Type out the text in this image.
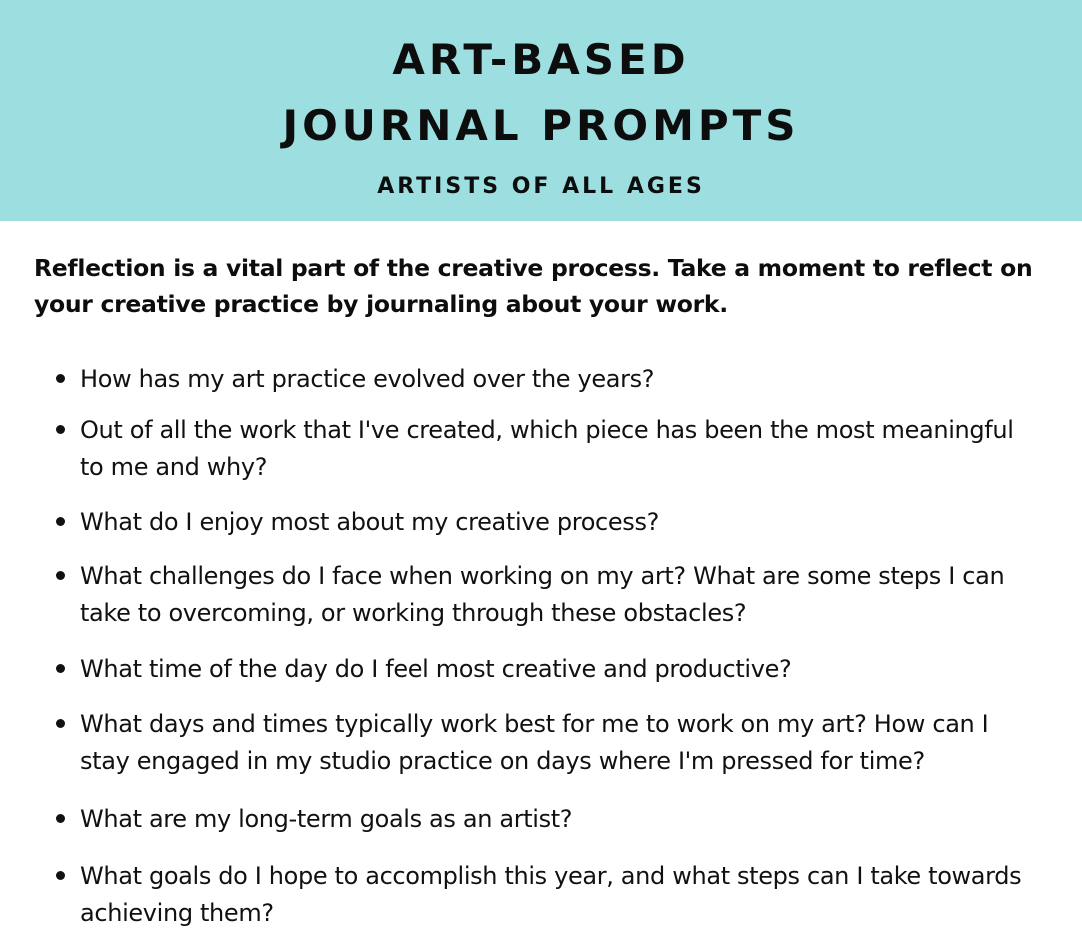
ART-BASED
JOURNAL PROMPTS
ARTISTS OF ALL AGES

Reflection is a vital part of the creative process. Take a moment to reflect on your creative practice by journaling about your work.

How has my art practice evolved over the years?
Out of all the work that I've created, which piece has been the most meaningful to me and why?
What do I enjoy most about my creative process?
What challenges do I face when working on my art? What are some steps I can take to overcoming, or working through these obstacles?
What time of the day do I feel most creative and productive?
What days and times typically work best for me to work on my art? How can I stay engaged in my studio practice on days where I'm pressed for time?
What are my long-term goals as an artist?
What goals do I hope to accomplish this year, and what steps can I take towards achieving them?
